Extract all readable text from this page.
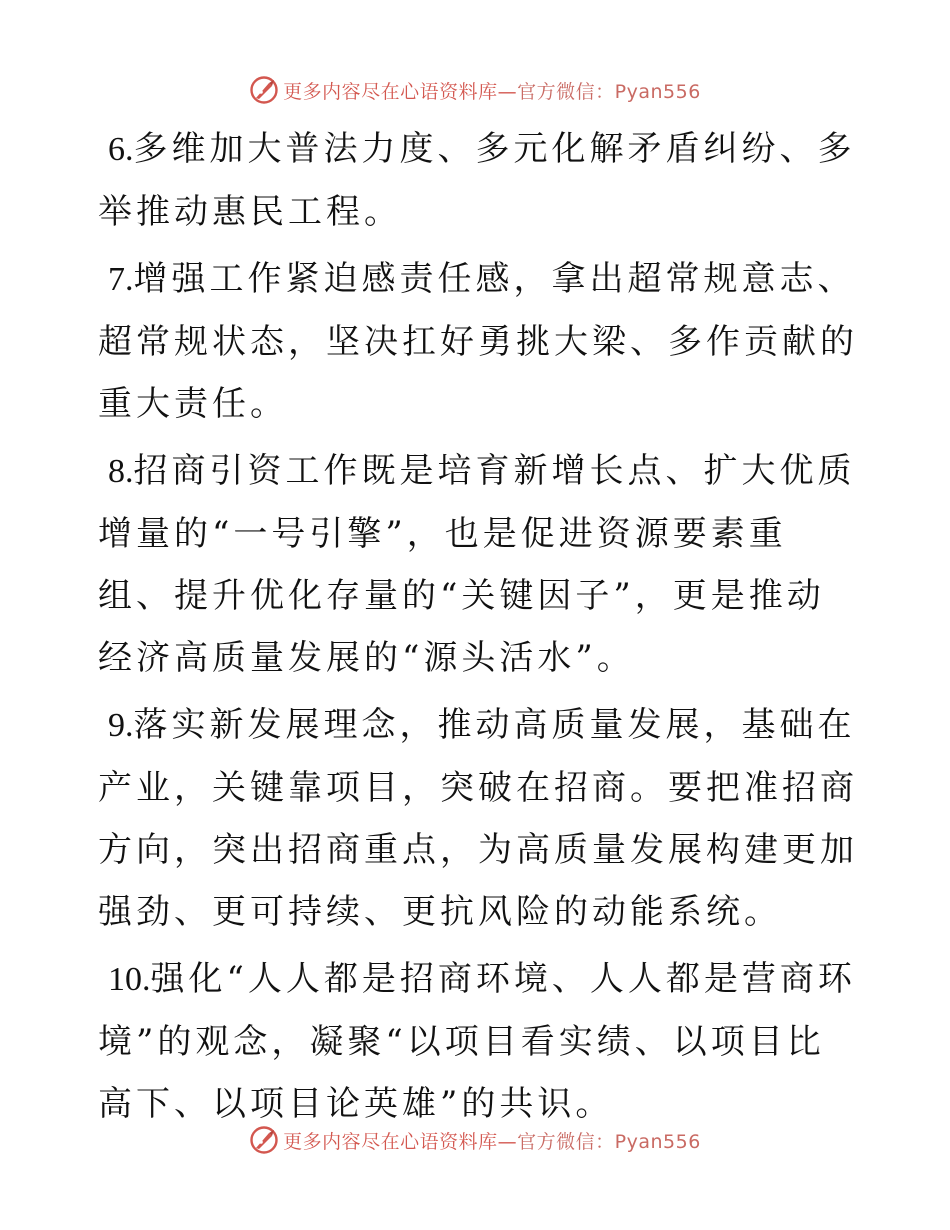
更多内容尽在心语资料库—官方微信：Pyan556

6.多维加大普法力度、多元化解矛盾纠纷、多举推动惠民工程。

7.增强工作紧迫感责任感，拿出超常规意志、超常规状态，坚决扛好勇挑大梁、多作贡献的重大责任。

8.招商引资工作既是培育新增长点、扩大优质增量的“一号引擎”，也是促进资源要素重组、提升优化存量的“关键因子”，更是推动经济高质量发展的“源头活水”。

9.落实新发展理念，推动高质量发展，基础在产业，关键靠项目，突破在招商。要把准招商方向，突出招商重点，为高质量发展构建更加强劲、更可持续、更抗风险的动能系统。

10.强化“人人都是招商环境、人人都是营商环境”的观念，凝聚“以项目看实绩、以项目比高下、以项目论英雄”的共识。

更多内容尽在心语资料库—官方微信：Pyan556
